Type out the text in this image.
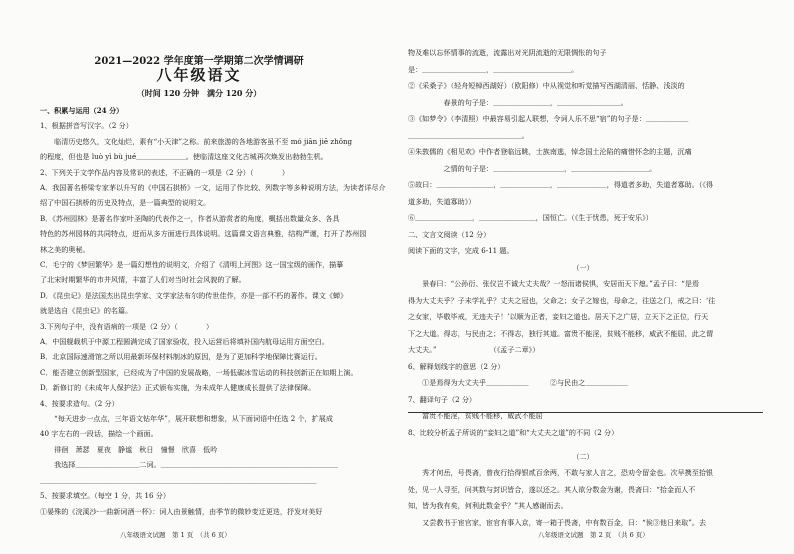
2021—2022 学年度第一学期第二次学情调研
八年级语文
（时间 120 分钟　满分 120 分）
八年级语文试题　第 1 页　（共 6 页）
一、积累与运用（24 分）
1、根据拼音写汉字。（2 分）
　　临清历史悠久，文化灿烂，素有“小天津”之称。前来旅游的各地游客虽不至 mó jiān jiē zhǒng
的程度，但也是 luò yì bù jué＿＿＿＿＿＿＿。使临清这座文化古城再次焕发出勃勃生机。
2、下列关于文学作品内容及常识的表述，不正确的一项是（2 分）（　　　　）
A．我国著名桥梁专家茅以升写的《中国石拱桥》一文，运用了作比较、列数字等多种说明方法，为读者详尽介
绍了中国石拱桥的历史及特点，是一篇典型的说明文。
B．《苏州园林》是著名作家叶圣陶的代表作之一，作者从游赏者的角度，概括出数量众多、各具
特色的苏州园林的共同特点，进而从多方面进行具体说明。这篇课文语言典雅，结构严谨，打开了苏州园
林之美的奥秘。
C．毛宁的《梦回繁华》是一篇幻想性的说明文，介绍了《清明上河图》这一国宝级的画作，描摹
了北宋时期繁华的市井风情，丰富了人们对当时社会风貌的了解。
D．《昆虫记》是法国杰出昆虫学家、文学家法布尔的传世佳作，亦是一部不朽的著作。课文《蝉》
就是选自《昆虫记》的名篇。
3.下列句子中，没有语病的一项是（2 分）（　　　　）
A．中国舰载机于中源工程圆满完成了国家验收，投入运营后将填补国内航母运用方面空白。
B．北京国际速滑馆之所以用最新环保材料制冰的原因，是为了更加科学地保障比赛运行。
C．能否建立创新型国家，已经成为了中国的发展战略，一场低碳冰雪运动的科技创新正在如期上演。
D．新修订的《未成年人保护法》正式颁布实施，为未成年人健康成长提供了法律保障。
4、按要求造句。（2 分）
　　“每天进步一点点，三年语文钻年华”，展开联想和想象，从下面词语中任选 2 个，扩展成
40 字左右的一段话，描绘一个画面。
　　徘徊　萧瑟　夏夜　静谧　秋日　憧憬　欣喜　低吟
　　我选择＿＿＿＿＿＿＿＿＿二词。＿＿＿＿＿＿＿＿＿＿＿＿＿＿＿＿＿＿＿＿＿＿＿＿＿
＿＿＿＿＿＿＿＿＿＿＿＿＿＿＿＿＿＿＿＿＿＿＿＿＿＿＿＿＿＿＿＿＿＿＿＿＿＿＿
5、按要求填空。（每空 1 分，共 16 分）
①晏殊的《浣溪沙·一曲新词酒一杯》：词人由景触情，由季节的微妙变迁更迭，抒发对美好
八年级语文试题　第 2 页　（共 6 页）
物及难以忘怀情事的流逝，流露出对光阴流逝的无限惆怅的句子
是：＿＿＿＿＿＿＿＿＿，＿＿＿＿＿＿＿＿＿＿＿。
②《采桑子》（轻舟短棹西湖好）（欧阳修）中从视觉和听觉描写西湖清丽、恬静、浅淡的
　　　　　春景的句子是：＿＿＿＿＿＿＿＿，＿＿＿＿＿＿＿＿＿。
③《如梦令》（李清照）中最容易引起人联想，令词人乐不思“宿”的句子是：＿＿＿＿＿＿
＿＿＿＿＿＿＿＿＿＿＿＿＿＿＿＿。
④朱敦儒的《相见欢》中作者登临远眺，士族南逃，悼念国土沦陷的痛惜怀念的主题，沉痛
　　　　　之情的句子是：＿＿＿＿＿＿＿＿＿＿，＿＿＿＿＿＿＿＿＿＿＿。
⑤故曰：＿＿＿＿＿＿＿＿，＿＿＿＿＿＿＿，＿＿＿＿＿＿＿，得道者多助，失道者寡助。（《得
道多助，失道寡助》）
⑥＿＿＿＿＿＿＿＿，＿＿＿＿＿＿＿＿，国恒亡。（《生于忧患，死于安乐》）
二、文言文阅读（12 分）
阅读下面的文字，完成 6-11 题。
（一）
　　景春曰：“公孙衍、张仪岂不诚大丈夫哉？一怒而诸侯惧，安居而天下熄。”孟子曰：“是焉
得为大丈夫乎？子未学礼乎？丈夫之冠也，父命之；女子之嫁也，母命之，往送之门，戒之曰：‘往
之女家，毕敬毕戒，无违夫子！’以顺为正者，妾妇之道也。居天下之广居，立天下之正位，行天
下之大道。得志，与民由之；不得志，独行其道。富贵不能淫，贫贱不能移，威武不能屈，此之谓
大丈夫。”　　　　　　　　（《孟子二章》）
6、解释划线字的意思（2 分）
　　①是焉得为大丈夫乎＿＿＿＿＿＿　　　②与民由之＿＿＿＿＿＿
7、翻译句子（2 分）
　　富贵不能淫，贫贱不能移，威武不能屈
8、比较分析孟子所说的“妾妇之道”和“大丈夫之道”的不同（2 分）
（二）
　　秀才何岳，号畏斋，曾夜行拾得银贰百余两，不敢与家人言之，恐劝令留金也。次早携至拾银
处，见一人寻至，问其数与封识皆合，遂以还之。其人欲分数金为谢，畏斋曰：“拾金而人不
知，皆为我有矣，何利此数金乎？”其人感谢而去。
　　又尝教书于宦官家，宦官有事入京，寄一箱于畏斋，中有数百金，曰：“俟③他日来取”。去
